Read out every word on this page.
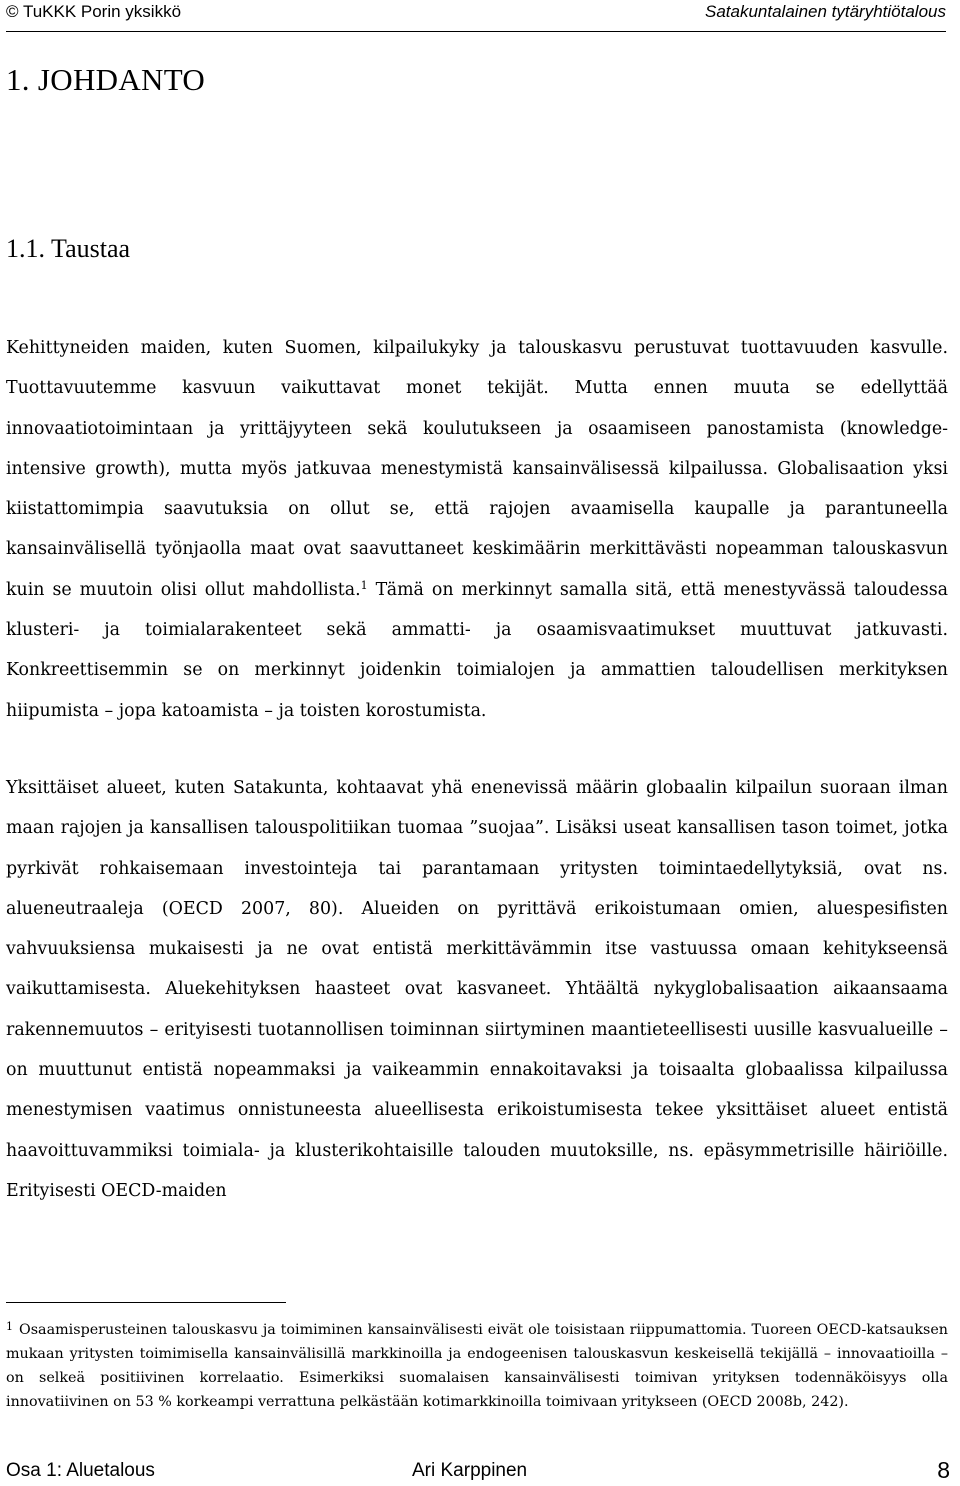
© TuKKK Porin yksikkö	Satakuntalainen tytäryhtiötalous
1. JOHDANTO
1.1. Taustaa

Kehittyneiden maiden, kuten Suomen, kilpailukyky ja talouskasvu perustuvat tuottavuuden kasvulle. Tuottavuutemme kasvuun vaikuttavat monet tekijät. Mutta ennen muuta se edellyttää innovaatiotoimintaan ja yrittäjyyteen sekä koulutukseen ja osaamiseen panostamista (knowledge-intensive growth), mutta myös jatkuvaa menestymistä kansainvälisessä kilpailussa. Globalisaation yksi kiistattomimpia saavutuksia on ollut se, että rajojen avaamisella kaupalle ja parantuneella kansainvälisellä työnjaolla maat ovat saavuttaneet keskimäärin merkittävästi nopeamman talouskasvun kuin se muutoin olisi ollut mahdollista.$^1$ Tämä on merkinnyt samalla sitä, että menestyvässä taloudessa klusteri- ja toimialarakenteet sekä ammatti- ja osaamisvaatimukset muuttuvat jatkuvasti. Konkreettisemmin se on merkinnyt joidenkin toimialojen ja ammattien taloudellisen merkityksen hiipumista – jopa katoamista – ja toisten korostumista.

Yksittäiset alueet, kuten Satakunta, kohtaavat yhä enenevissä määrin globaalin kilpailun suoraan ilman maan rajojen ja kansallisen talouspolitiikan tuomaa ”suojaa”. Lisäksi useat kansallisen tason toimet, jotka pyrkivät rohkaisemaan investointeja tai parantamaan yritysten toimintaedellytyksiä, ovat ns. alueneutraaleja (OECD 2007, 80). Alueiden on pyrittävä erikoistumaan omien, aluespesifisten vahvuuksiensa mukaisesti ja ne ovat entistä merkittävämmin itse vastuussa omaan kehitykseensä vaikuttamisesta. Aluekehityksen haasteet ovat kasvaneet. Yhtäältä nykyglobalisaation aikaansaama rakennemuutos – erityisesti tuotannollisen toiminnan siirtyminen maantieteellisesti uusille kasvualueille – on muuttunut entistä nopeammaksi ja vaikeammin ennakoitavaksi ja toisaalta globaalissa kilpailussa menestymisen vaatimus onnistuneesta alueellisesta erikoistumisesta tekee yksittäiset alueet entistä haavoittuvammiksi toimiala- ja klusterikohtaisille talouden muutoksille, ns. epäsymmetrisille häiriöille. Erityisesti OECD-maiden

$^1$ Osaamisperusteinen talouskasvu ja toimiminen kansainvälisesti eivät ole toisistaan riippumattomia. Tuoreen OECD-katsauksen mukaan yritysten toimimisella kansainvälisillä markkinoilla ja endogeenisen talouskasvun keskeisellä tekijällä – innovaatioilla – on selkeä positiivinen korrelaatio. Esimerkiksi suomalaisen kansainvälisesti toimivan yrityksen todennäköisyys olla innovatiivinen on 53 % korkeampi verrattuna pelkästään kotimarkkinoilla toimivaan yritykseen (OECD 2008b, 242).

Osa 1: Aluetalous	Ari Karppinen	8
